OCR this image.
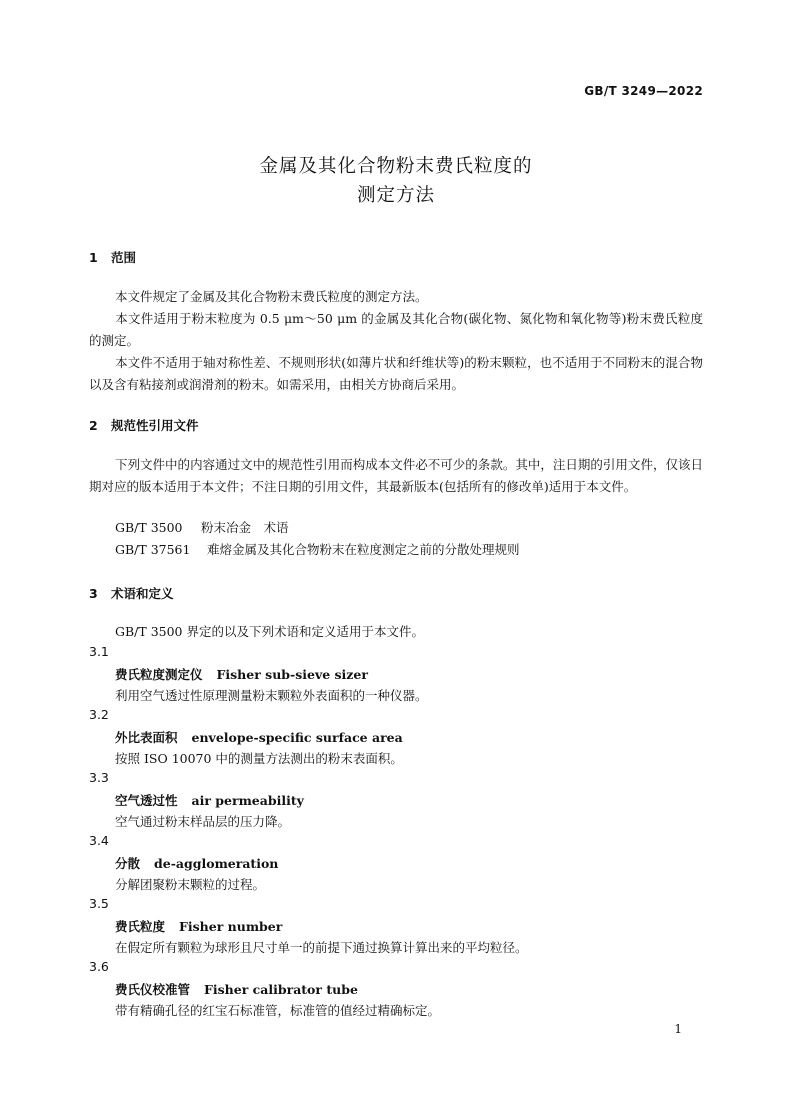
GB/T 3249—2022
金属及其化合物粉末费氏粒度的
测定方法
1 范围

本文件规定了金属及其化合物粉末费氏粒度的测定方法。

本文件适用于粉末粒度为 0.5 μm～50 μm 的金属及其化合物(碳化物、氮化物和氧化物等)粉末费氏粒度的测定。

本文件不适用于轴对称性差、不规则形状(如薄片状和纤维状等)的粉末颗粒，也不适用于不同粉末的混合物以及含有粘接剂或润滑剂的粉末。如需采用，由相关方协商后采用。

2 规范性引用文件

下列文件中的内容通过文中的规范性引用而构成本文件必不可少的条款。其中，注日期的引用文件，仅该日期对应的版本适用于本文件；不注日期的引用文件，其最新版本(包括所有的修改单)适用于本文件。

GB/T 3500 粉末冶金　术语
GB/T 37561 难熔金属及其化合物粉末在粒度测定之前的分散处理规则
3 术语和定义
GB/T 3500 界定的以及下列术语和定义适用于本文件。
3.1
费氏粒度测定仪 Fisher sub-sieve sizer
利用空气透过性原理测量粉末颗粒外表面积的一种仪器。
3.2
外比表面积 envelope-specific surface area
按照 ISO 10070 中的测量方法测出的粉末表面积。
3.3
空气透过性 air permeability
空气通过粉末样品层的压力降。
3.4
分散 de-agglomeration
分解团聚粉末颗粒的过程。
3.5
费氏粒度 Fisher number
在假定所有颗粒为球形且尺寸单一的前提下通过换算计算出来的平均粒径。
3.6
费氏仪校准管 Fisher calibrator tube
带有精确孔径的红宝石标准管，标准管的值经过精确标定。
1
